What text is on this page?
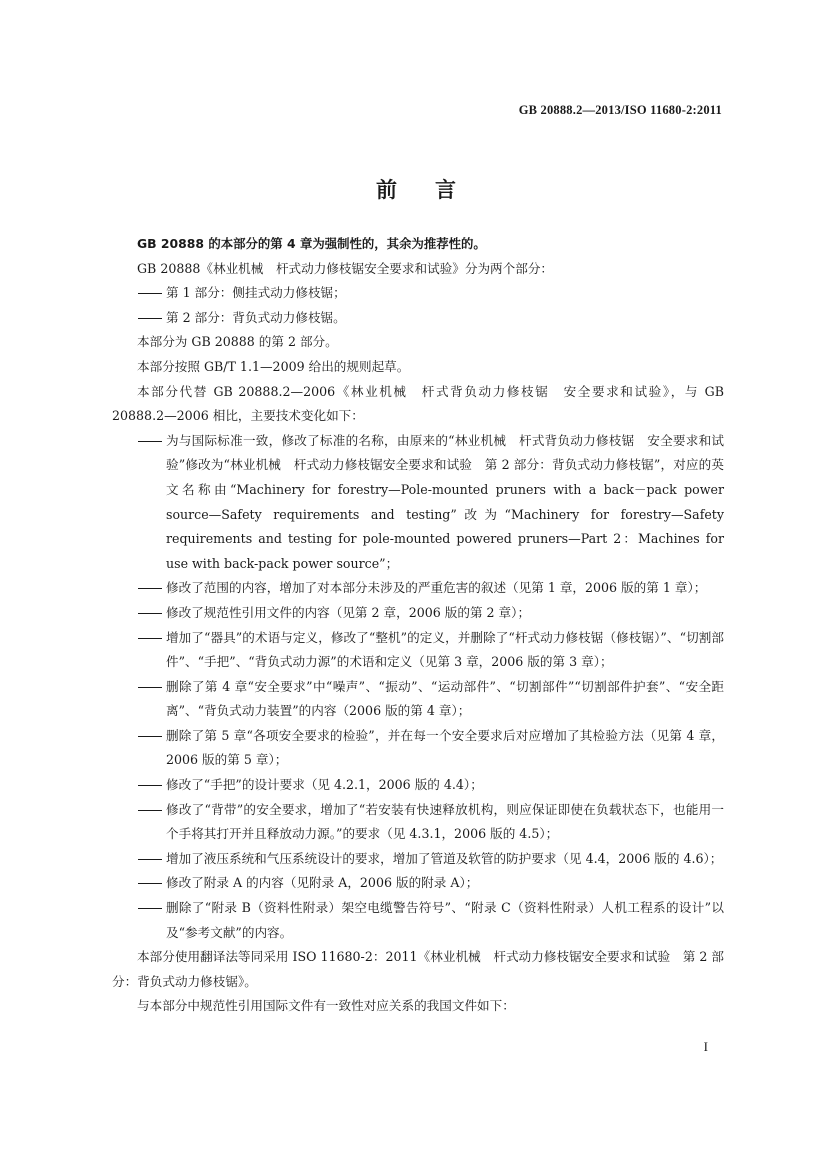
GB 20888.2—2013/ISO 11680-2:2011
前言

GB 20888 的本部分的第 4 章为强制性的，其余为推荐性的。

GB 20888《林业机械　杆式动力修枝锯安全要求和试验》分为两个部分：

第 1 部分：侧挂式动力修枝锯；

第 2 部分：背负式动力修枝锯。

本部分为 GB 20888 的第 2 部分。

本部分按照 GB/T 1.1—2009 给出的规则起草。

本部分代替 GB 20888.2—2006《林业机械　杆式背负动力修枝锯　安全要求和试验》，与 GB 20888.2—2006 相比，主要技术变化如下：

为与国际标准一致，修改了标准的名称，由原来的“林业机械　杆式背负动力修枝锯　安全要求和试验”修改为“林业机械　杆式动力修枝锯安全要求和试验　第 2 部分：背负式动力修枝锯”，对应的英文名称由“Machinery for forestry—Pole-mounted pruners with a back－pack power source—Safety requirements and testing”改为“Machinery for forestry—Safety requirements and testing for pole-mounted powered pruners—Part 2：Machines for use with back-pack power source”；

修改了范围的内容，增加了对本部分未涉及的严重危害的叙述（见第 1 章，2006 版的第 1 章）；

修改了规范性引用文件的内容（见第 2 章，2006 版的第 2 章）；

增加了“器具”的术语与定义，修改了“整机”的定义，并删除了“杆式动力修枝锯（修枝锯）”、“切割部件”、“手把”、“背负式动力源”的术语和定义（见第 3 章，2006 版的第 3 章）；

删除了第 4 章“安全要求”中“噪声”、“振动”、“运动部件”、“切割部件”“切割部件护套”、“安全距离”、“背负式动力装置”的内容（2006 版的第 4 章）；

删除了第 5 章“各项安全要求的检验”，并在每一个安全要求后对应增加了其检验方法（见第 4 章，2006 版的第 5 章）；

修改了“手把”的设计要求（见 4.2.1，2006 版的 4.4）；

修改了“背带”的安全要求，增加了“若安装有快速释放机构，则应保证即使在负载状态下，也能用一个手将其打开并且释放动力源。”的要求（见 4.3.1，2006 版的 4.5）；

增加了液压系统和气压系统设计的要求，增加了管道及软管的防护要求（见 4.4，2006 版的 4.6）；

修改了附录 A 的内容（见附录 A，2006 版的附录 A）；

删除了“附录 B（资料性附录）架空电缆警告符号”、“附录 C（资料性附录）人机工程系的设计”以及“参考文献”的内容。

本部分使用翻译法等同采用 ISO 11680-2：2011《林业机械　杆式动力修枝锯安全要求和试验　第 2 部分：背负式动力修枝锯》。

与本部分中规范性引用国际文件有一致性对应关系的我国文件如下：

I
